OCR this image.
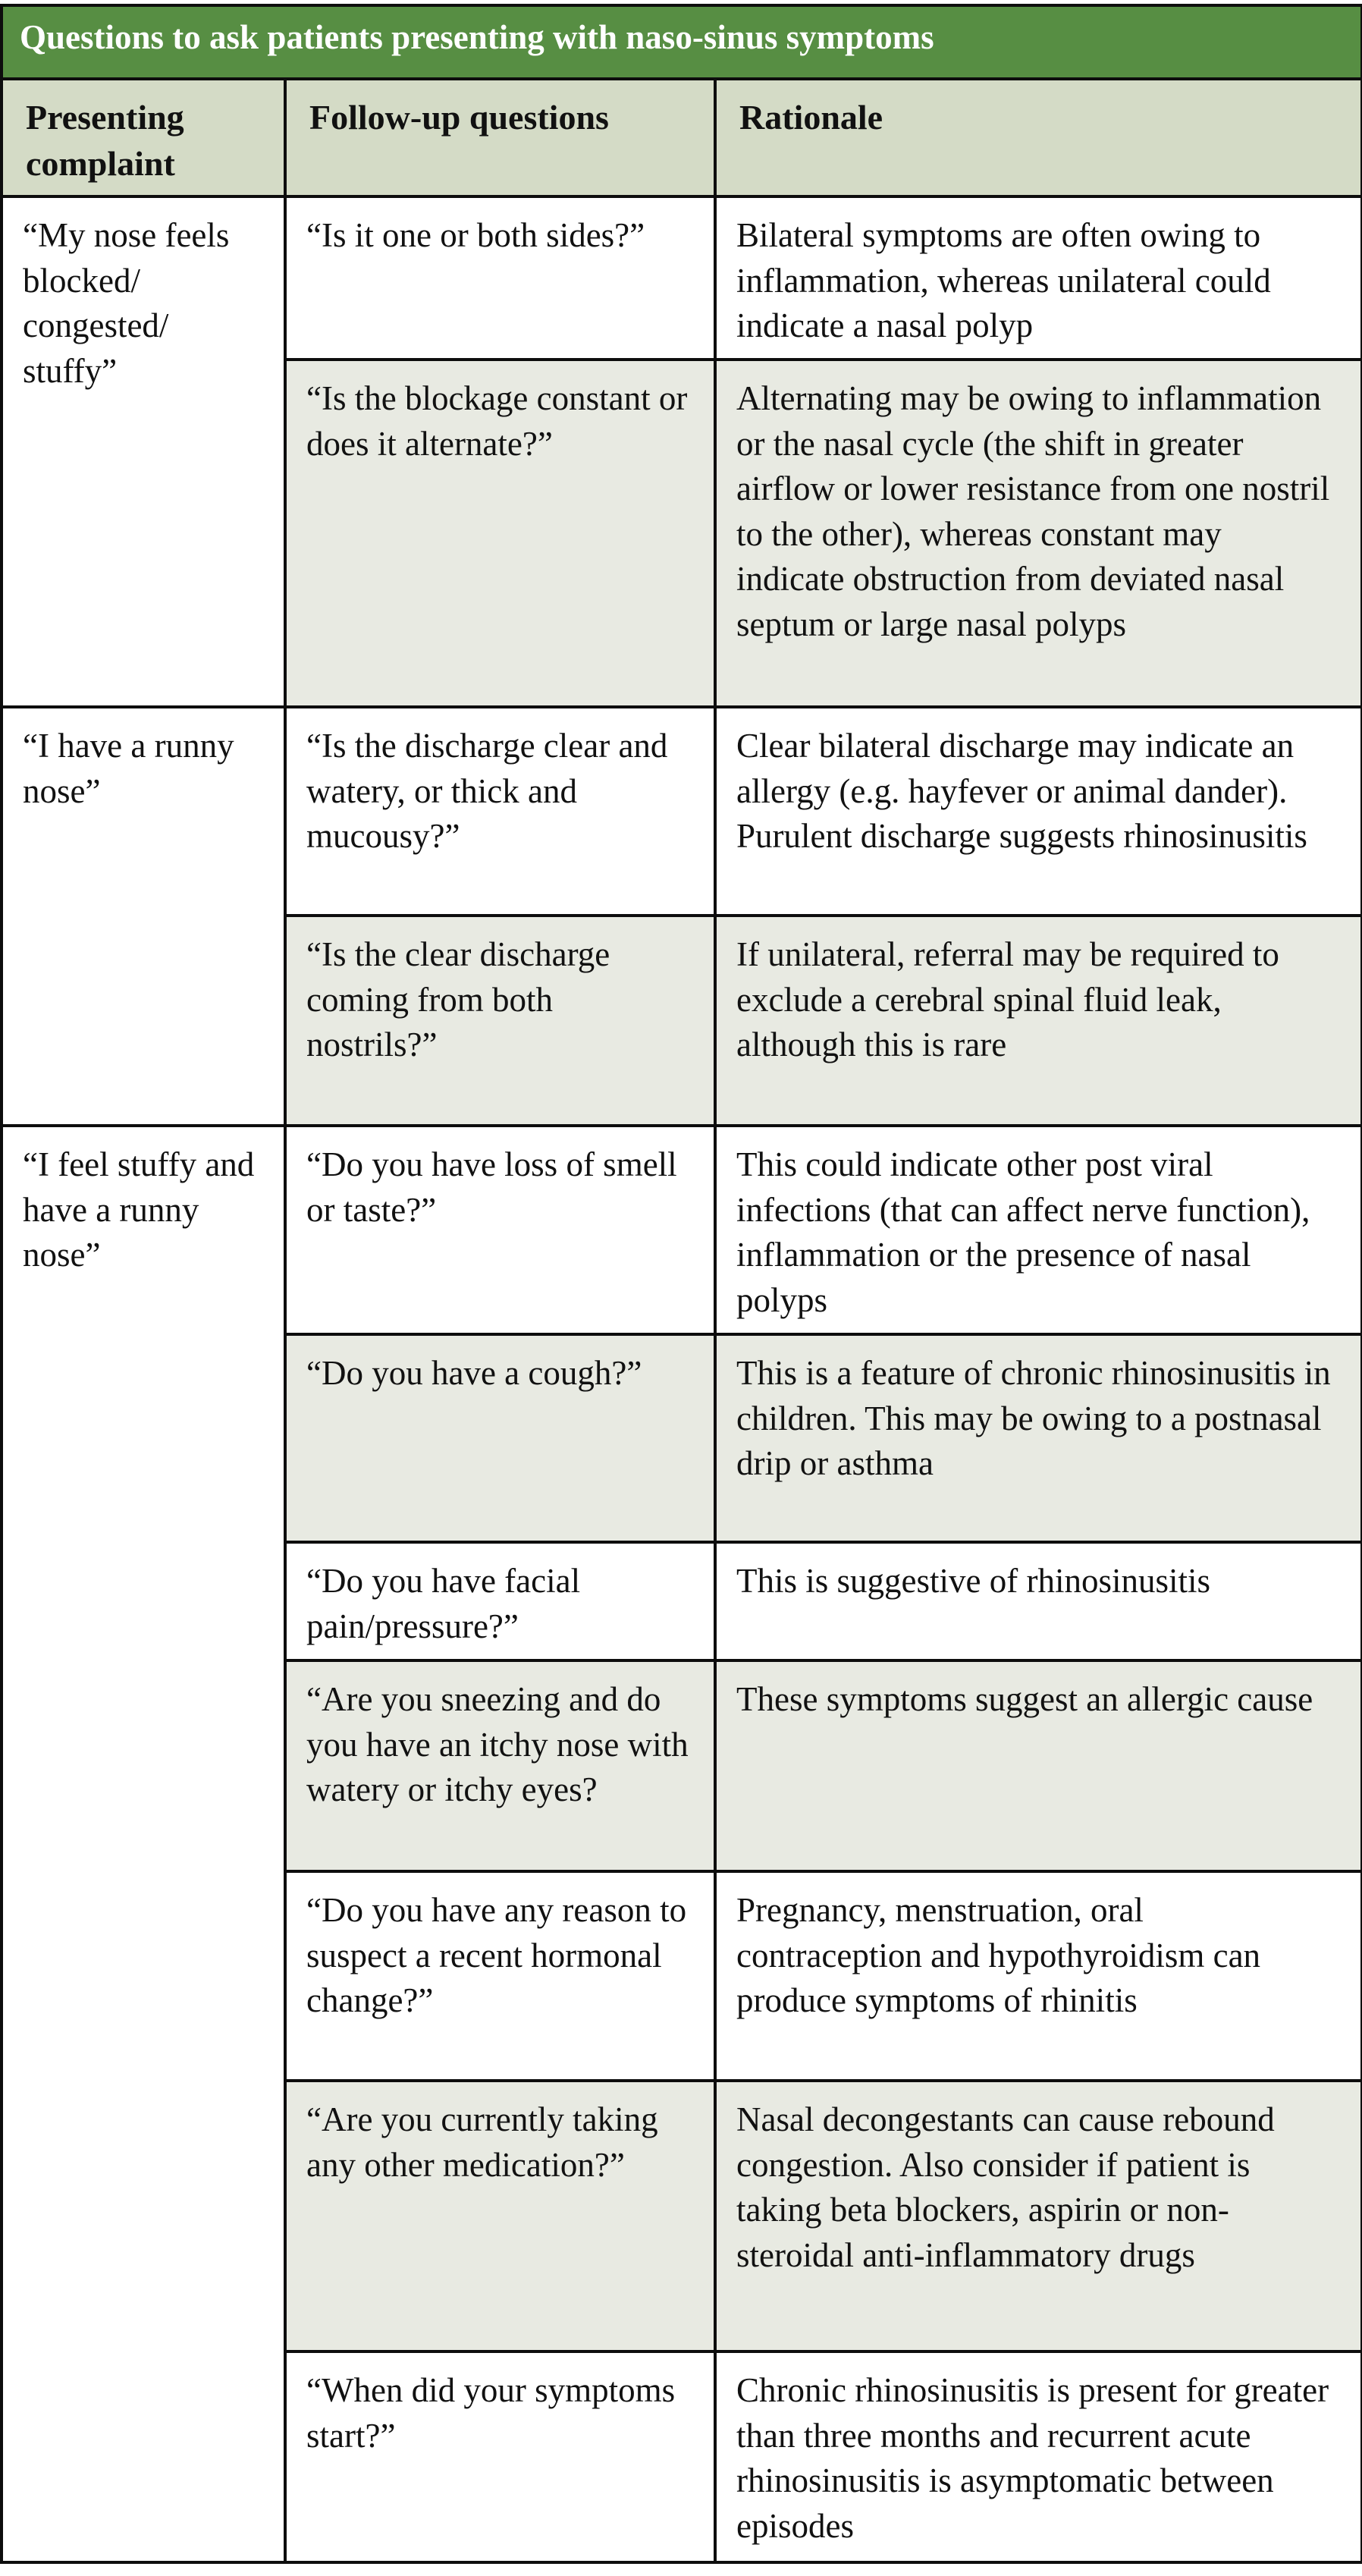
Questions to ask patients presenting with naso-sinus symptoms		
Presenting complaint	Follow-up questions	Rationale
“My nose feels blocked/ congested/ stuffy”	“Is it one or both sides?”	Bilateral symptoms are often owing to inflammation, whereas unilateral could indicate a nasal polyp
	“Is the blockage constant or does it alternate?”	Alternating may be owing to inflammation or the nasal cycle (the shift in greater airflow or lower resistance from one nostril to the other), whereas constant may indicate obstruction from deviated nasal septum or large nasal polyps
“I have a runny nose”	“Is the discharge clear and watery, or thick and mucousy?”	Clear bilateral discharge may indicate an allergy (e.g. hayfever or animal dander). Purulent discharge suggests rhinosinusitis
	“Is the clear discharge coming from both nostrils?”	If unilateral, referral may be required to exclude a cerebral spinal fluid leak, although this is rare
“I feel stuffy and have a runny nose”	“Do you have loss of smell or taste?”	This could indicate other post viral infections (that can affect nerve function), inflammation or the presence of nasal polyps
	“Do you have a cough?”	This is a feature of chronic rhinosinusitis in children. This may be owing to a postnasal drip or asthma
	“Do you have facial pain/pressure?”	This is suggestive of rhinosinusitis
	“Are you sneezing and do you have an itchy nose with watery or itchy eyes?	These symptoms suggest an allergic cause
	“Do you have any reason to suspect a recent hormonal change?”	Pregnancy, menstruation, oral contraception and hypothyroidism can produce symptoms of rhinitis
	“Are you currently taking any other medication?”	Nasal decongestants can cause rebound congestion. Also consider if patient is taking beta blockers, aspirin or non-steroidal anti-inflammatory drugs
	“When did your symptoms start?”	Chronic rhinosinusitis is present for greater than three months and recurrent acute rhinosinusitis is asymptomatic between episodes
